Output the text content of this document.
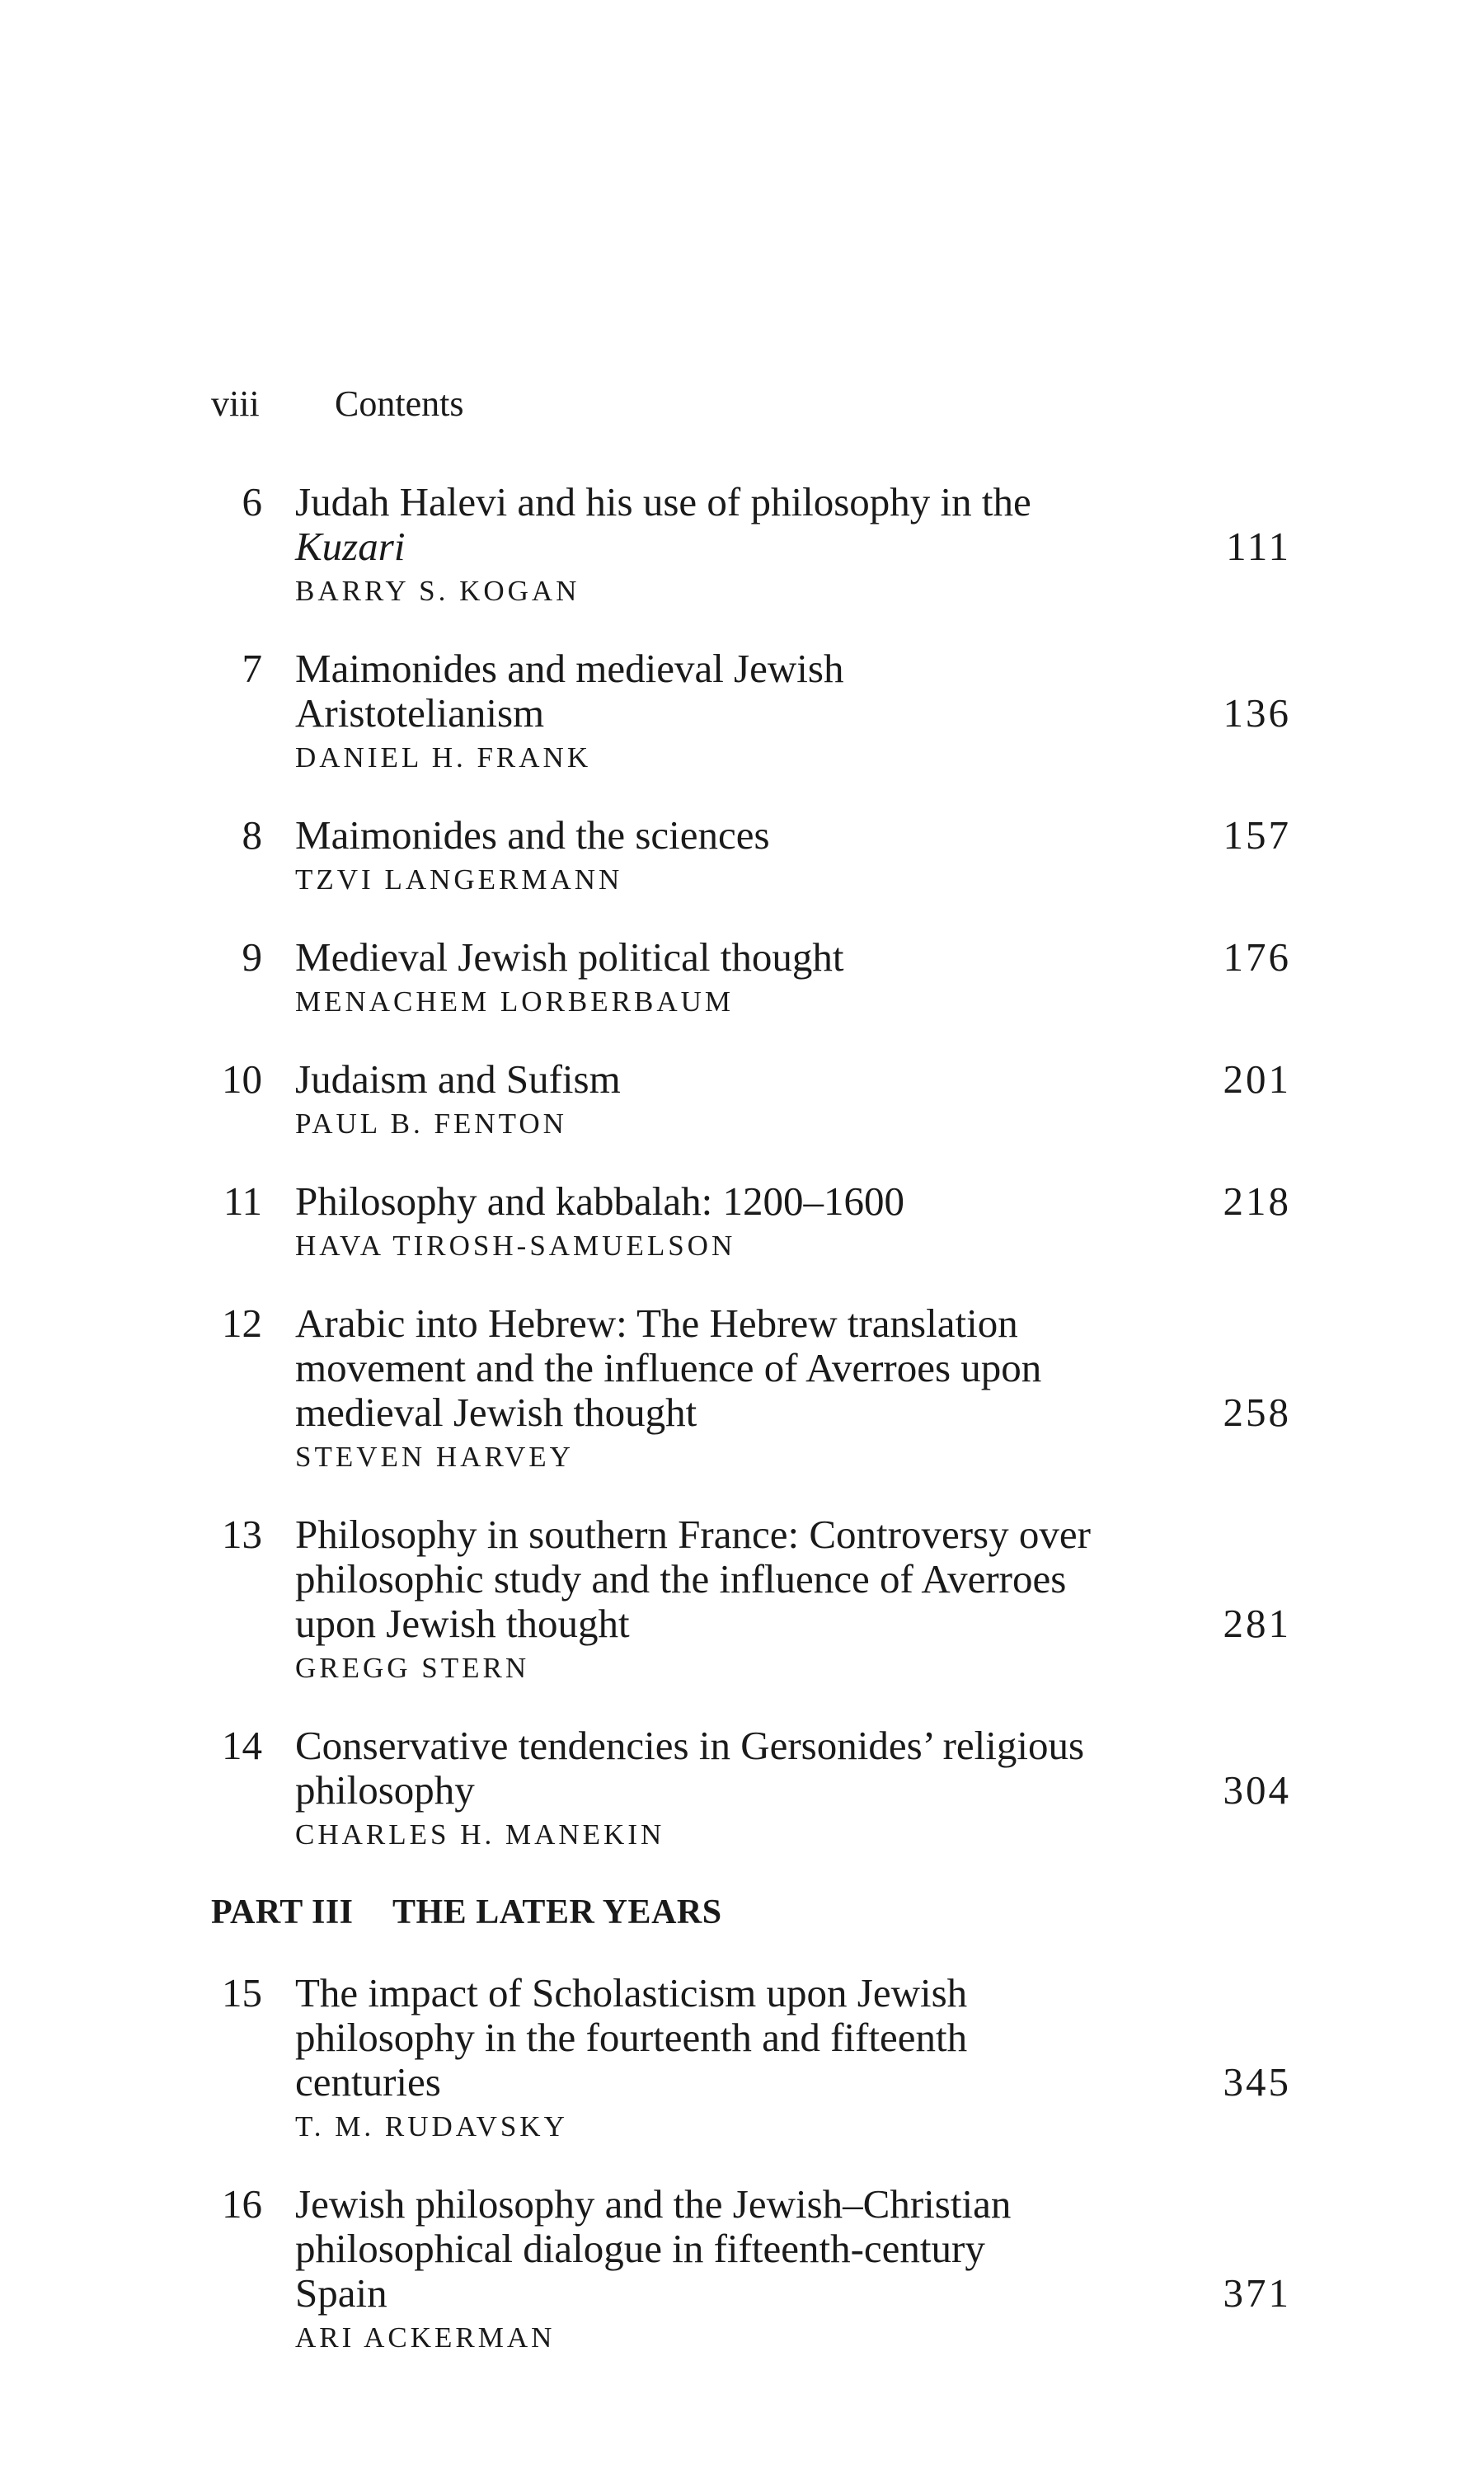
viii Contents
6 Judah Halevi and his use of philosophy in the
Kuzari	111
BARRY S. KOGAN
7 Maimonides and medieval Jewish
Aristotelianism	136
DANIEL H. FRANK
8 Maimonides and the sciences	157
TZVI LANGERMANN
9 Medieval Jewish political thought	176
MENACHEM LORBERBAUM
10 Judaism and Sufism	201
PAUL B. FENTON
11 Philosophy and kabbalah: 1200–1600	218
HAVA TIROSH-SAMUELSON
12 Arabic into Hebrew: The Hebrew translation
movement and the influence of Averroes upon
medieval Jewish thought	258
STEVEN HARVEY
13 Philosophy in southern France: Controversy over
philosophic study and the influence of Averroes
upon Jewish thought	281
GREGG STERN
14 Conservative tendencies in Gersonides’ religious
philosophy	304
CHARLES H. MANEKIN
PART III THE LATER YEARS
15 The impact of Scholasticism upon Jewish
philosophy in the fourteenth and fifteenth
centuries	345
T. M. RUDAVSKY
16 Jewish philosophy and the Jewish–Christian
philosophical dialogue in fifteenth-century
Spain	371
ARI ACKERMAN
